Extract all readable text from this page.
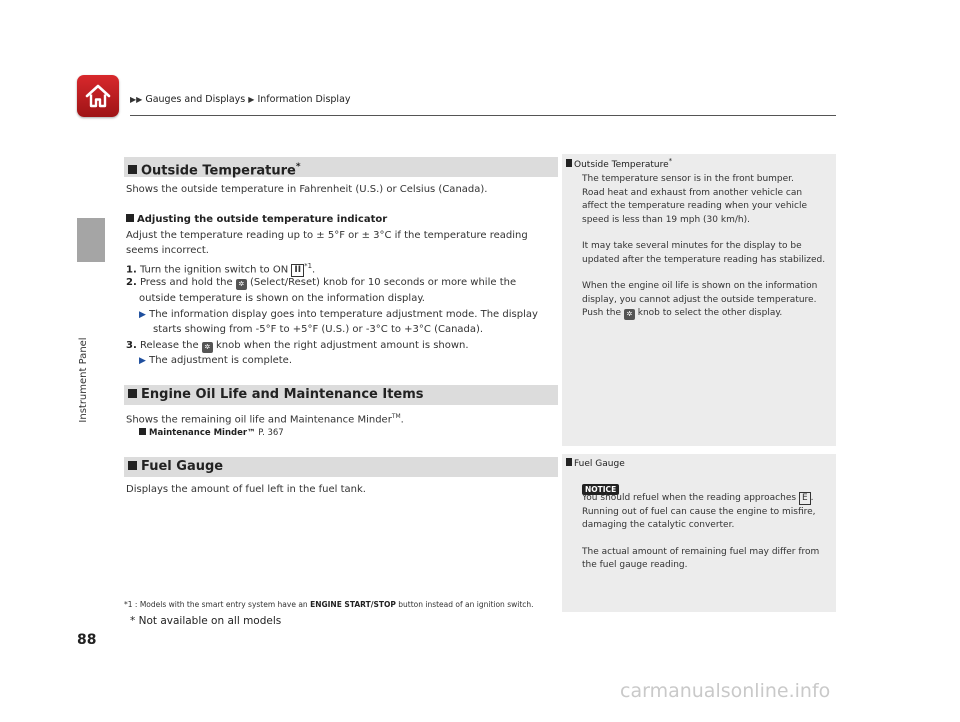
▶▶ Gauges and Displays ▶ Information Display
Instrument Panel
88
Outside Temperature*
Shows the outside temperature in Fahrenheit (U.S.) or Celsius (Canada).
Adjusting the outside temperature indicator
Adjust the temperature reading up to ± 5°F or ± 3°C if the temperature reading
seems incorrect.
1. Turn the ignition switch to ON II $^{*1}$.
2. Press and hold the ✲ (Select/Reset) knob for 10 seconds or more while the
outside temperature is shown on the information display.
▶ The information display goes into temperature adjustment mode. The display
starts showing from -5°F to +5°F (U.S.) or -3°C to +3°C (Canada).
3. Release the ✲ knob when the right adjustment amount is shown.
▶ The adjustment is complete.
Engine Oil Life and Maintenance Items
Shows the remaining oil life and Maintenance Minder™.
Maintenance Minder™ P. 367
Fuel Gauge
Displays the amount of fuel left in the fuel tank.
*1 : Models with the smart entry system have an ENGINE START/STOP button instead of an ignition switch.
* Not available on all models
Outside Temperature*
The temperature sensor is in the front bumper.
Road heat and exhaust from another vehicle can
affect the temperature reading when your vehicle
speed is less than 19 mph (30 km/h).
It may take several minutes for the display to be
updated after the temperature reading has stabilized.
When the engine oil life is shown on the information
display, you cannot adjust the outside temperature.
Push the ✲ knob to select the other display.
Fuel Gauge
NOTICE
You should refuel when the reading approaches E .
Running out of fuel can cause the engine to misfire,
damaging the catalytic converter.
The actual amount of remaining fuel may differ from
the fuel gauge reading.
carmanualsonline.info
